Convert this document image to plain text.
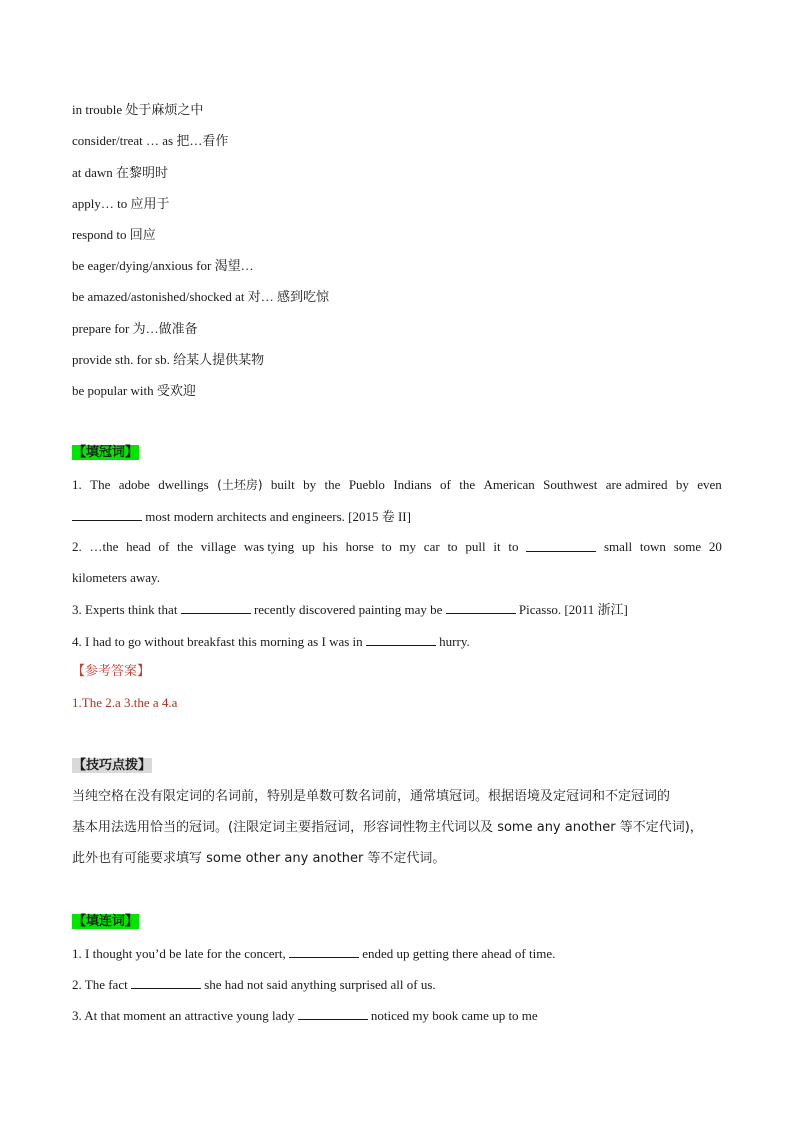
in trouble 处于麻烦之中
consider/treat … as 把…看作
at dawn 在黎明时
apply… to 应用于
respond to 回应
be eager/dying/anxious for 渴望…
be amazed/astonished/shocked at 对… 感到吃惊
prepare for 为…做准备
provide sth. for sb. 给某人提供某物
be popular with 受欢迎
【填冠词】
1. The adobe dwellings (土坯房) built by the Pueblo Indians of the American Southwest are admired by even
most modern architects and engineers. [2015 卷 II]
2. …the head of the village was tying up his horse to my car to pull it to	small town some 20
kilometers away.
3. Experts think that	recently discovered painting may be	Picasso. [2011 浙江]
4. I had to go without breakfast this morning as I was in	hurry.
【参考答案】
1.The 2.a 3.the a 4.a
【技巧点拨】
当纯空格在没有限定词的名词前，特别是单数可数名词前，通常填冠词。根据语境及定冠词和不定冠词的
基本用法选用恰当的冠词。(注限定词主要指冠词，形容词性物主代词以及 some any another 等不定代词)，
此外也有可能要求填写 some other any another 等不定代词。
【填连词】
1. I thought you’d be late for the concert,	ended up getting there ahead of time.
2. The fact	she had not said anything surprised all of us.
3. At that moment an attractive young lady	noticed my book came up to me
